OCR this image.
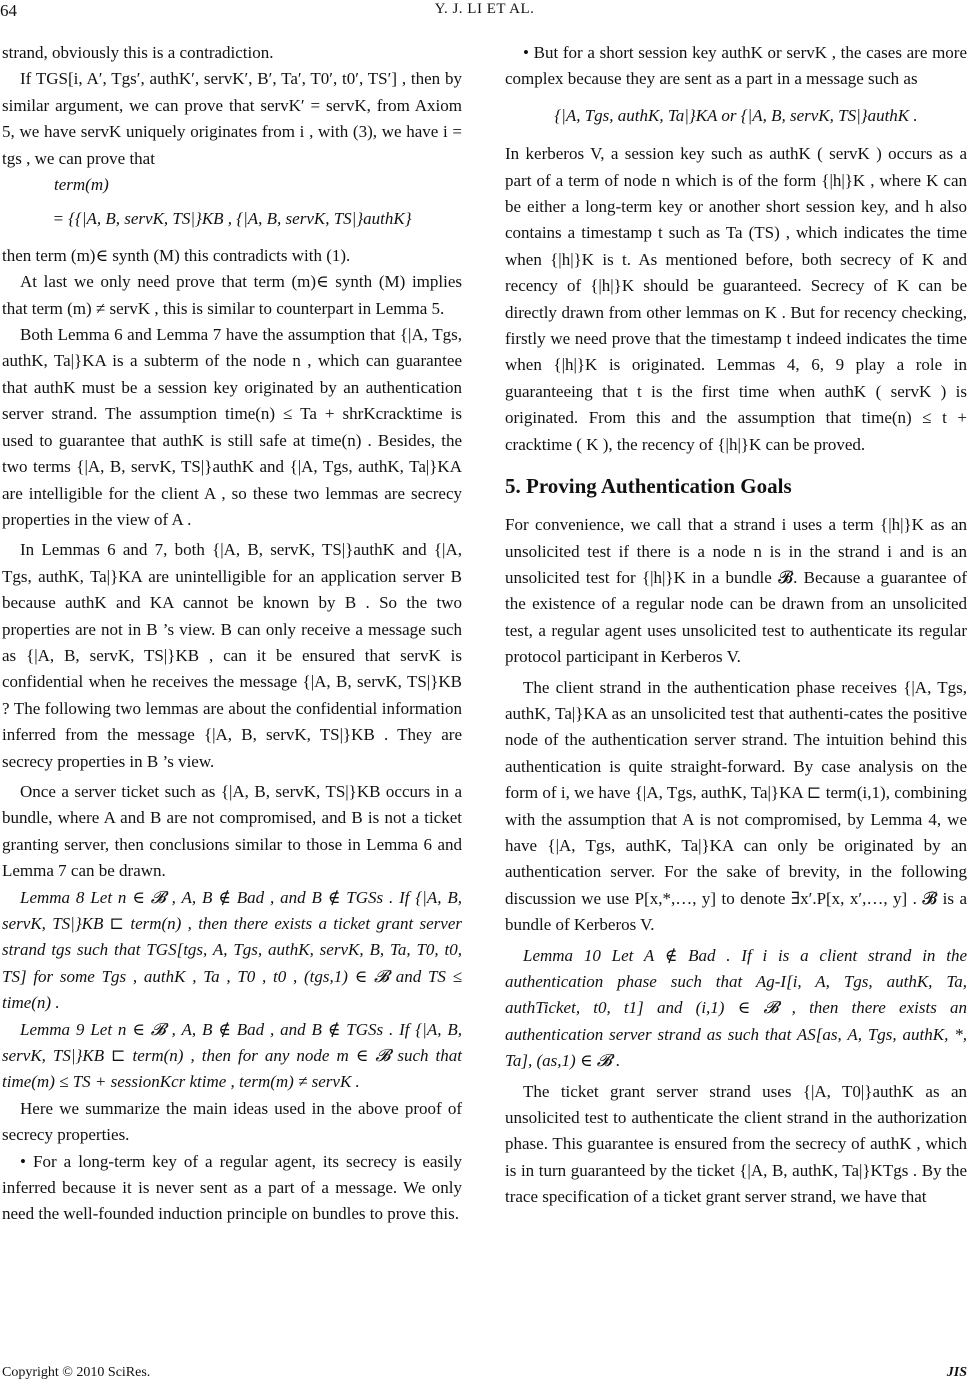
64	Y. J. LI ET AL.

strand, obviously this is a contradiction.

If TGS[i, A′, Tgs′, authK′, servK′, B′, Ta′, T0′, t0′, TS′] , then by similar argument, we can prove that servK′ = servK, from Axiom 5, we have servK uniquely originates from i , with (3), we have i = tgs , we can prove that

term(m)

= {{|A, B, servK, TS|}KB , {|A, B, servK, TS|}authK}

then term (m)∈ synth (M) this contradicts with (1).

At last we only need prove that term (m)∈ synth (M) implies that term (m) ≠ servK , this is similar to counterpart in Lemma 5.

Both Lemma 6 and Lemma 7 have the assumption that {|A, Tgs, authK, Ta|}KA is a subterm of the node n , which can guarantee that authK must be a session key originated by an authentication server strand. The assumption time(n) ≤ Ta + shrKcracktime is used to guarantee that authK is still safe at time(n) . Besides, the two terms {|A, B, servK, TS|}authK and {|A, Tgs, authK, Ta|}KA are intelligible for the client A , so these two lemmas are secrecy properties in the view of A .

In Lemmas 6 and 7, both {|A, B, servK, TS|}authK and {|A, Tgs, authK, Ta|}KA are unintelligible for an application server B because authK and KA cannot be known by B . So the two properties are not in B ’s view. B can only receive a message such as {|A, B, servK, TS|}KB , can it be ensured that servK is confidential when he receives the message {|A, B, servK, TS|}KB ? The following two lemmas are about the confidential information inferred from the message {|A, B, servK, TS|}KB . They are secrecy properties in B ’s view.

Once a server ticket such as {|A, B, servK, TS|}KB occurs in a bundle, where A and B are not compromised, and B is not a ticket granting server, then conclusions similar to those in Lemma 6 and Lemma 7 can be drawn.

Lemma 8 Let n ∈ 𝓑 , A, B ∉ Bad , and B ∉ TGSs . If {|A, B, servK, TS|}KB ⊏ term(n) , then there exists a ticket grant server strand tgs such that TGS[tgs, A, Tgs, authK, servK, B, Ta, T0, t0, TS] for some Tgs , authK , Ta , T0 , t0 , (tgs,1) ∈ 𝓑 and TS ≤ time(n) .

Lemma 9 Let n ∈ 𝓑 , A, B ∉ Bad , and B ∉ TGSs . If {|A, B, servK, TS|}KB ⊏ term(n) , then for any node m ∈ 𝓑 such that time(m) ≤ TS + sessionKcr ktime , term(m) ≠ servK .

Here we summarize the main ideas used in the above proof of secrecy properties.

• For a long-term key of a regular agent, its secrecy is easily inferred because it is never sent as a part of a message. We only need the well-founded induction principle on bundles to prove this.

• But for a short session key authK or servK , the cases are more complex because they are sent as a part in a message such as

{|A, Tgs, authK, Ta|}KA or {|A, B, servK, TS|}authK .

In kerberos V, a session key such as authK ( servK ) occurs as a part of a term of node n which is of the form {|h|}K , where K can be either a long-term key or another short session key, and h also contains a timestamp t such as Ta (TS) , which indicates the time when {|h|}K is t. As mentioned before, both secrecy of K and recency of {|h|}K should be guaranteed. Secrecy of K can be directly drawn from other lemmas on K . But for recency checking, firstly we need prove that the timestamp t indeed indicates the time when {|h|}K is originated. Lemmas 4, 6, 9 play a role in guaranteeing that t is the first time when authK ( servK ) is originated. From this and the assumption that time(n) ≤ t + cracktime ( K ), the recency of {|h|}K can be proved.

5. Proving Authentication Goals

For convenience, we call that a strand i uses a term {|h|}K as an unsolicited test if there is a node n is in the strand i and is an unsolicited test for {|h|}K in a bundle 𝓑. Because a guarantee of the existence of a regular node can be drawn from an unsolicited test, a regular agent uses unsolicited test to authenticate its regular protocol participant in Kerberos V.

The client strand in the authentication phase receives {|A, Tgs, authK, Ta|}KA as an unsolicited test that authenti-cates the positive node of the authentication server strand. The intuition behind this authentication is quite straight-forward. By case analysis on the form of i, we have {|A, Tgs, authK, Ta|}KA ⊏ term(i,1), combining with the assumption that A is not compromised, by Lemma 4, we have {|A, Tgs, authK, Ta|}KA can only be originated by an authentication server. For the sake of brevity, in the following discussion we use P[x,*,…, y] to denote ∃x′.P[x, x′,…, y] . 𝓑 is a bundle of Kerberos V.

Lemma 10 Let A ∉ Bad . If i is a client strand in the authentication phase such that Ag-I[i, A, Tgs, authK, Ta, authTicket, t0, t1] and (i,1) ∈ 𝓑 , then there exists an authentication server strand as such that AS[as, A, Tgs, authK, *, Ta], (as,1) ∈ 𝓑 .

The ticket grant server strand uses {|A, T0|}authK as an unsolicited test to authenticate the client strand in the authorization phase. This guarantee is ensured from the secrecy of authK , which is in turn guaranteed by the ticket {|A, B, authK, Ta|}KTgs . By the trace specification of a ticket grant server strand, we have that

Copyright © 2010 SciRes.	JIS
